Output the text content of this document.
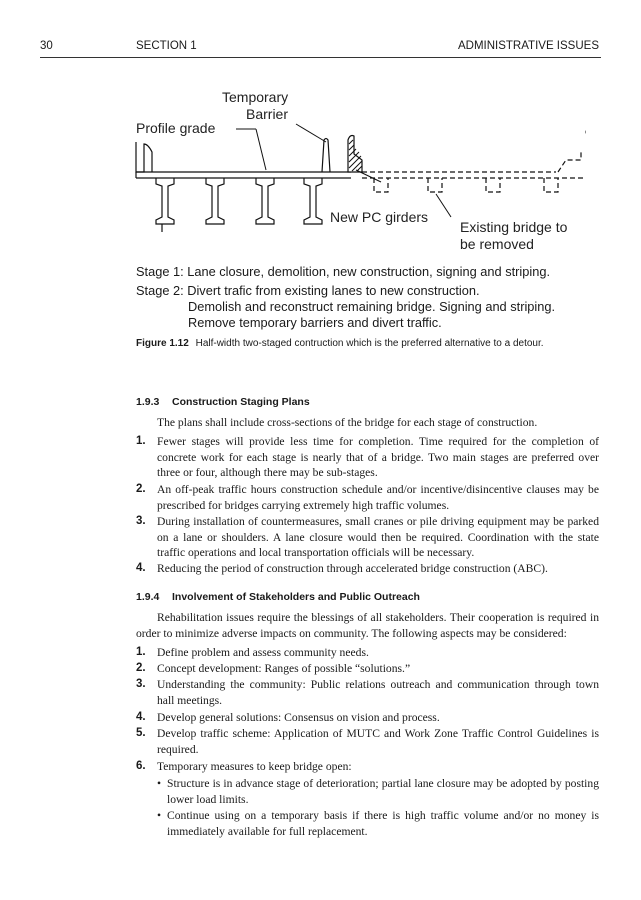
30	SECTION 1	ADMINISTRATIVE ISSUES
Temporary
Barrier
Profile grade
New PC girders
Existing bridge to
be removed
Stage 1: Lane closure, demolition, new construction, signing and striping.
Stage 2: Divert trafic from existing lanes to new construction.
Demolish and reconstruct remaining bridge. Signing and striping.
Remove temporary barriers and divert traffic.
Figure 1.12 Half-width two-staged contruction which is the preferred alternative to a detour.
1.9.3 Construction Staging Plans
The plans shall include cross-sections of the bridge for each stage of construction.
1. Fewer stages will provide less time for completion. Time required for the completion of concrete work for each stage is nearly that of a bridge. Two main stages are preferred over three or four, although there may be sub-stages.
2. An off-peak traffic hours construction schedule and/or incentive/disincentive clauses may be prescribed for bridges carrying extremely high traffic volumes.
3. During installation of countermeasures, small cranes or pile driving equipment may be parked on a lane or shoulders. A lane closure would then be required. Coordination with the state traffic operations and local transportation officials will be necessary.
4. Reducing the period of construction through accelerated bridge construction (ABC).
1.9.4 Involvement of Stakeholders and Public Outreach
Rehabilitation issues require the blessings of all stakeholders. Their cooperation is required in order to minimize adverse impacts on community. The following aspects may be considered:
1. Define problem and assess community needs.
2. Concept development: Ranges of possible “solutions.”
3. Understanding the community: Public relations outreach and communication through town hall meetings.
4. Develop general solutions: Consensus on vision and process.
5. Develop traffic scheme: Application of MUTC and Work Zone Traffic Control Guidelines is required.
6. Temporary measures to keep bridge open:
• Structure is in advance stage of deterioration; partial lane closure may be adopted by posting lower load limits.
• Continue using on a temporary basis if there is high traffic volume and/or no money is immediately available for full replacement.
